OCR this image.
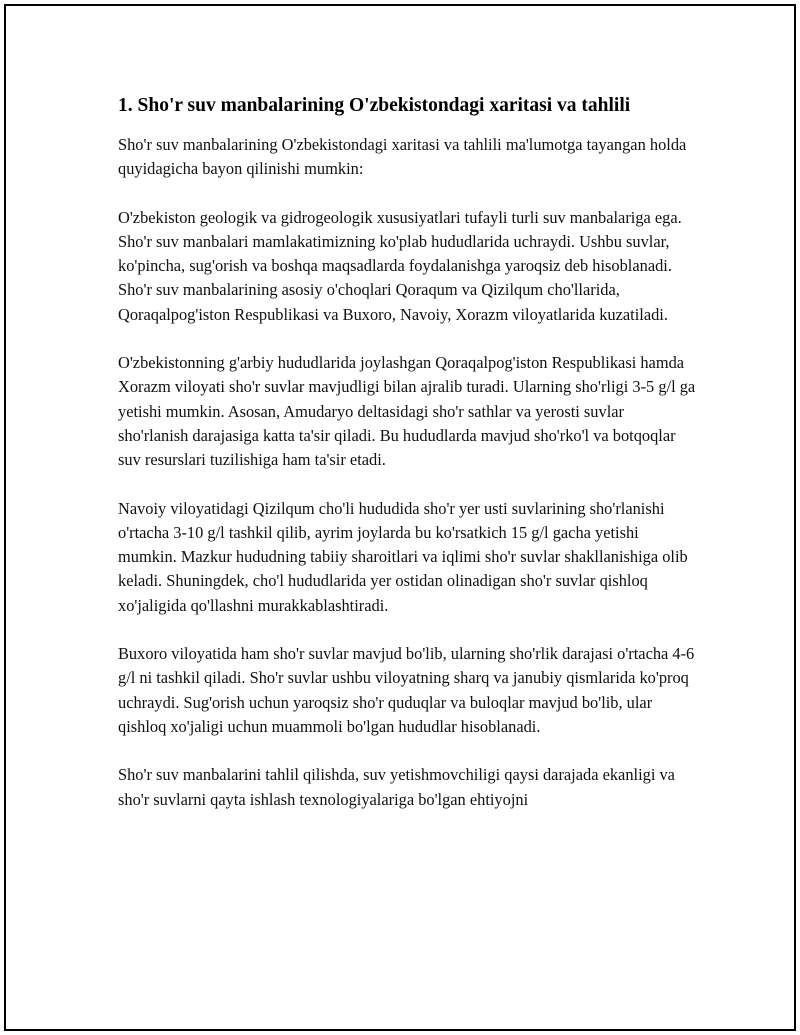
1. Sho'r suv manbalarining O'zbekistondagi xaritasi va tahlili

Sho'r suv manbalarining O'zbekistondagi xaritasi va tahlili ma'lumotga tayangan holda quyidagicha bayon qilinishi mumkin:

O'zbekiston geologik va gidrogeologik xususiyatlari tufayli turli suv manbalariga ega. Sho'r suv manbalari mamlakatimizning ko'plab hududlarida uchraydi. Ushbu suvlar, ko'pincha, sug'orish va boshqa maqsadlarda foydalanishga yaroqsiz deb hisoblanadi. Sho'r suv manbalarining asosiy o'choqlari Qoraqum va Qizilqum cho'llarida, Qoraqalpog'iston Respublikasi va Buxoro, Navoiy, Xorazm viloyatlarida kuzatiladi.

O'zbekistonning g'arbiy hududlarida joylashgan Qoraqalpog'iston Respublikasi hamda Xorazm viloyati sho'r suvlar mavjudligi bilan ajralib turadi. Ularning sho'rligi 3-5 g/l ga yetishi mumkin. Asosan, Amudaryo deltasidagi sho'r sathlar va yerosti suvlar sho'rlanish darajasiga katta ta'sir qiladi. Bu hududlarda mavjud sho'rko'l va botqoqlar suv resurslari tuzilishiga ham ta'sir etadi.

Navoiy viloyatidagi Qizilqum cho'li hududida sho'r yer usti suvlarining sho'rlanishi o'rtacha 3-10 g/l tashkil qilib, ayrim joylarda bu ko'rsatkich 15 g/l gacha yetishi mumkin. Mazkur hududning tabiiy sharoitlari va iqlimi sho'r suvlar shakllanishiga olib keladi. Shuningdek, cho'l hududlarida yer ostidan olinadigan sho'r suvlar qishloq xo'jaligida qo'llashni murakkablashtiradi.

Buxoro viloyatida ham sho'r suvlar mavjud bo'lib, ularning sho'rlik darajasi o'rtacha 4-6 g/l ni tashkil qiladi. Sho'r suvlar ushbu viloyatning sharq va janubiy qismlarida ko'proq uchraydi. Sug'orish uchun yaroqsiz sho'r quduqlar va buloqlar mavjud bo'lib, ular qishloq xo'jaligi uchun muammoli bo'lgan hududlar hisoblanadi.

Sho'r suv manbalarini tahlil qilishda, suv yetishmovchiligi qaysi darajada ekanligi va sho'r suvlarni qayta ishlash texnologiyalariga bo'lgan ehtiyojni
